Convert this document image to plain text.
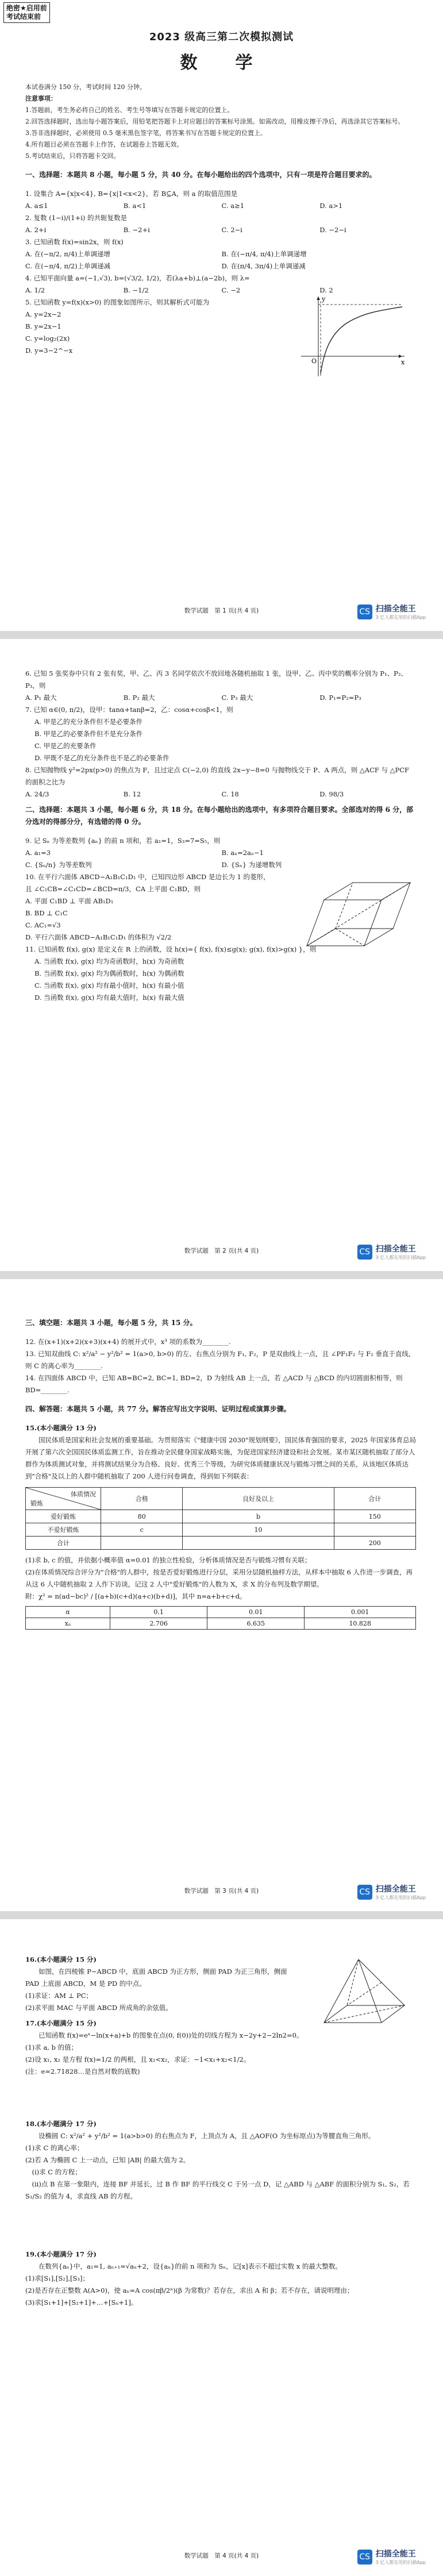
绝密★启用前
考试结束前
2023 级高三第二次模拟测试
数　学

本试卷满分 150 分，考试时间 120 分钟。

注意事项：

1.答题前，考生务必将自己的姓名、考生号等填写在答题卡规定的位置上。

2.回答选择题时，选出每小题答案后，用铅笔把答题卡上对应题目的答案标号涂黑。如需改动，用橡皮擦干净后，再选涂其它答案标号。

3.答非选择题时，必须使用 0.5 毫米黑色签字笔，将答案书写在答题卡规定的位置上。

4.所有题目必须在答题卡上作答，在试题卷上答题无效。

5.考试结束后，只将答题卡交回。

一、选择题：本题共 8 小题，每小题 5 分，共 40 分。在每小题给出的四个选项中，只有一项是符合题目要求的。

1. 设集合 A={x|x<4}, B={x|1<x<2}，若 B⊆A，则 a 的取值范围是

A. a≤1	B. a<1	C. a≥1	D. a>1

2. 复数 (1−i)/(1+i) 的共轭复数是

A. 2+i	B. −2+i	C. 2−i	D. −2−i

3. 已知函数 f(x)=sin2x，则 f(x)

A. 在(−π/2, π/4)上单调递增	B. 在(−π/4, π/4)上单调递增
C. 在(−π/4, π/2)上单调递减	D. 在(π/4, 3π/4)上单调递减

4. 已知平面向量 a=(−1,√3), b=(√3/2, 1/2)，若(λa+b)⊥(a−2b)，则 λ=

A. 1/2	B. −1/2	C. −2	D. 2

5. 已知函数 y=f(x)(x>0) 的图象如图所示，则其解析式可能为

A. y=2x−2

B. y=2x−1

C. y=log₂(2x)

D. y=3−2^−x

y
x
O
数学试题　第 1 页(共 4 页)	CS 扫描全能王
3 亿人都在用的扫描App

6. 已知 5 张奖券中只有 2 张有奖，甲、乙、丙 3 名同学依次不放回地各随机抽取 1 张，设甲、乙、丙中奖的概率分别为 P₁、P₂、P₃，则

A. P₁ 最大	B. P₂ 最大	C. P₃ 最大	D. P₁=P₂=P₃

7. 已知 α∈(0, π/2)，设甲：tanα+tanβ=2，乙：cosα+cosβ<1，则

A. 甲是乙的充分条件但不是必要条件

B. 甲是乙的必要条件但不是充分条件

C. 甲是乙的充要条件

D. 甲既不是乙的充分条件也不是乙的必要条件

8. 已知抛物线 y²=2px(p>0) 的焦点为 F，且过定点 C(−2,0) 的直线 2x−y−8=0 与抛物线交于 P、A 两点，则 △ACF 与 △PCF 的面积之比为

A. 24/3	B. 12	C. 18	D. 98/3

二、选择题：本题共 3 小题，每小题 6 分，共 18 分。在每小题给出的选项中，有多项符合题目要求。全部选对的得 6 分，部分选对的得部分分，有选错的得 0 分。

9. 记 Sₙ 为等差数列 {aₙ} 的前 n 项和，若 a₁=1，S₃=7=S₅，则

A. a₁=3	B. aₙ=2aₙ−1
C. {Sₙ/n} 为等差数列	D. {Sₙ} 为递增数列

10. 在平行六面体 ABCD−A₁B₁C₁D₁ 中，已知四边形 ABCD 是边长为 1 的菱形，且 ∠C₁CB=∠C₁CD=∠BCD=π/3，CA 上平面 C₁BD，则

A. 平面 C₁BD ⊥ 平面 AB₁D₁

B. BD ⊥ C₁C

C. AC₁=√3

D. 平行六面体 ABCD−A₁B₁C₁D₁ 的体积为 √2/2

11. 已知函数 f(x), g(x) 是定义在 R 上的函数，设 h(x)={ f(x), f(x)≤g(x); g(x), f(x)>g(x) }，则

A. 当函数 f(x), g(x) 均为奇函数时，h(x) 为奇函数

B. 当函数 f(x), g(x) 均为偶函数时，h(x) 为偶函数

C. 当函数 f(x), g(x) 均有最小值时，h(x) 有最小值

D. 当函数 f(x), g(x) 均有最大值时，h(x) 有最大值

数学试题　第 2 页(共 4 页)	CS 扫描全能王
3 亿人都在用的扫描App

三、填空题：本题共 3 小题，每小题 5 分，共 15 分。

12. 在(x+1)(x+2)(x+3)(x+4) 的展开式中，x³ 项的系数为________.

13. 已知双曲线 C: x²/a² − y²/b² = 1(a>0, b>0) 的左、右焦点分别为 F₁, F₂，P 是双曲线上一点，且 ∠PF₁F₂ 与 F₂ 垂直于直线，则 C 的离心率为________.

14. 在四面体 ABCD 中，已知 AB=BC=2, BC=1, BD=2，D 为射线 AB 上一点，若 △ACD 与 △BCD 的内切圆面积相等，则 BD=________.

四、解答题：本题共 5 小题，共 77 分。解答应写出文字说明、证明过程或演算步骤。

15.(本小题满分 13 分)

国民体质是国家和社会发展的重要基础。为贯彻落实《"健康中国 2030"规划纲要》，国民体育强国的要求，2025 年国家体育总局开展了第六次全国国民体质监测工作，旨在推动全民健身国家战略实施，为促进国家经济建设和社会发展。某市某区随机抽取了部分人群作为体质测试对象，并将测试结果分为合格、良好、优秀三个等级，为研究体质健康状况与锻炼习惯之间的关系，从该地区体质达到"合格"及以上的人群中随机抽取了 200 人进行问卷调查，得到如下列联表：

体质情况
锻炼	合格	良好及以上	合计
爱好锻炼	80	b	150
不爱好锻炼	c	10	
合计			200

(1)求 b, c 的值，并依据小概率值 α=0.01 的独立性检验，分析体质情况是否与锻炼习惯有关联；

(2)在体质情况综合评分为"合格"的人群中，按是否爱好锻炼进行分层，采用分层随机抽样方法，从样本中抽取 6 人作进一步调查，再从这 6 人中随机抽取 2 人作下访谈，记这 2 人中"爱好锻炼"的人数为 X，求 X 的分布列及数学期望。

附：χ² = n(ad−bc)² / [(a+b)(c+d)(a+c)(b+d)]，其中 n=a+b+c+d。

α	0.1	0.01	0.001
xₐ	2.706	6.635	10.828
数学试题　第 3 页(共 4 页)	CS 扫描全能王
3 亿人都在用的扫描App

16.(本小题满分 15 分)

如图，在四棱锥 P−ABCD 中，底面 ABCD 为正方形，侧面 PAD 为正三角形，侧面 PAD 上底面 ABCD，M 是 PD 的中点。

(1)求证：AM ⊥ PC；

(2)求平面 MAC 与平面 ABCD 所成角的余弦值。

17.(本小题满分 15 分)

已知函数 f(x)=eˣ−ln(x+a)+b 的图象在点(0, f(0))处的切线方程为 x−2y+2−2ln2=0。

(1)求 a, b 的值；

(2)设 x₁, x₂ 是方程 f(x)=1/2 的两根，且 x₁<x₂，求证：−1<x₁+x₂<1/2。

(注：e≈2.71828…是自然对数的底数)

18.(本小题满分 17 分)

设椭圆 C: x²/a² + y²/b² = 1(a>b>0) 的右焦点为 F，上顶点为 A，且 △AOF(O 为坐标原点)为等腰直角三角形。

(1)求 C 的离心率；

(2)若 A 为椭圆 C 上一动点，已知 |AB| 的最大值为 2。

　(i)求 C 的方程；

　(ii)点 B 在第一象限内，连接 BF 并延长，过 B 作 BF 的平行线交 C 于另一点 D，记 △ABD 与 △ABF 的面积分别为 S₁, S₂，若 S₁/S₂ 的值为 4，求直线 AB 的方程。

19.(本小题满分 17 分)

在数列{aₙ}中，a₁=1, aₙ₊₁=√aₙ+2，设{aₙ}的前 n 项和为 Sₙ，记[x]表示不超过实数 x 的最大整数。

(1)求[S₁],[S₂],[S₃]；

(2)是否存在正整数 A(A>0)，使 aₙ=A cos(πβ/2ⁿ)(β 为常数)？若存在，求出 A 和 β；若不存在，请说明理由；

(3)求[S₁+1]+[S₂+1]+…+[Sₙ+1]。

数学试题　第 4 页(共 4 页)	CS 扫描全能王
3 亿人都在用的扫描App
